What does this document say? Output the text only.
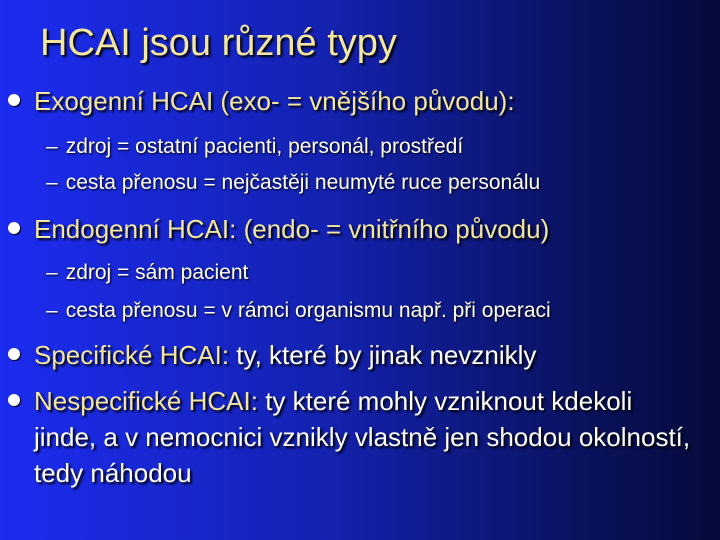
HCAI jsou různé typy
Exogenní HCAI (exo- = vnějšího původu):
– zdroj = ostatní pacienti, personál, prostředí
– cesta přenosu = nejčastěji neumyté ruce personálu
Endogenní HCAI: (endo- = vnitřního původu)
– zdroj = sám pacient
– cesta přenosu = v rámci organismu např. při operaci
Specifické HCAI: ty, které by jinak nevznikly
Nespecifické HCAI: ty které mohly vzniknout kdekoli jinde, a v nemocnici vznikly vlastně jen shodou okolností, tedy náhodou
